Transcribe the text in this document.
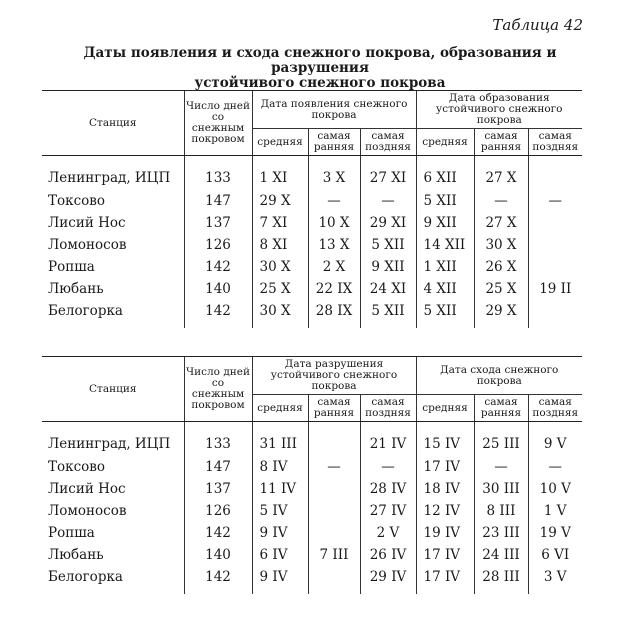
Таблица 42
Даты появления и схода снежного покрова, образования и разрушения
устойчивого снежного покрова
Станция	Число дней со снежным покровом	Дата появления снежного покрова			Дата образования устойчивого снежного покрова		
		средняя	самая ранняя	самая поздняя	средняя	самая ранняя	самая поздняя
Ленинград, ИЦП	133	1 XI	3 X	27 XI	6 XII	27 X	
Токсово	147	29 X	—	—	5 XII	—	—
Лисий Нос	137	7 XI	10 X	29 XI	9 XII	27 X	
Ломоносов	126	8 XI	13 X	5 XII	14 XII	30 X	
Ропша	142	30 X	2 X	9 XII	1 XII	26 X	
Любань	140	25 X	22 IX	24 XI	4 XII	25 X	19 II
Белогорка	142	30 X	28 IX	5 XII	5 XII	29 X	
Станция	Число дней со снежным покровом	Дата разрушения устойчивого снежного покрова			Дата схода снежного покрова		
		средняя	самая ранняя	самая поздняя	средняя	самая ранняя	самая поздняя
Ленинград, ИЦП	133	31 III		21 IV	15 IV	25 III	9 V
Токсово	147	8 IV	—	—	17 IV	—	—
Лисий Нос	137	11 IV		28 IV	18 IV	30 III	10 V
Ломоносов	126	5 IV		27 IV	12 IV	8 III	1 V
Ропша	142	9 IV		2 V	19 IV	23 III	19 V
Любань	140	6 IV	7 III	26 IV	17 IV	24 III	6 VI
Белогорка	142	9 IV		29 IV	17 IV	28 III	3 V
